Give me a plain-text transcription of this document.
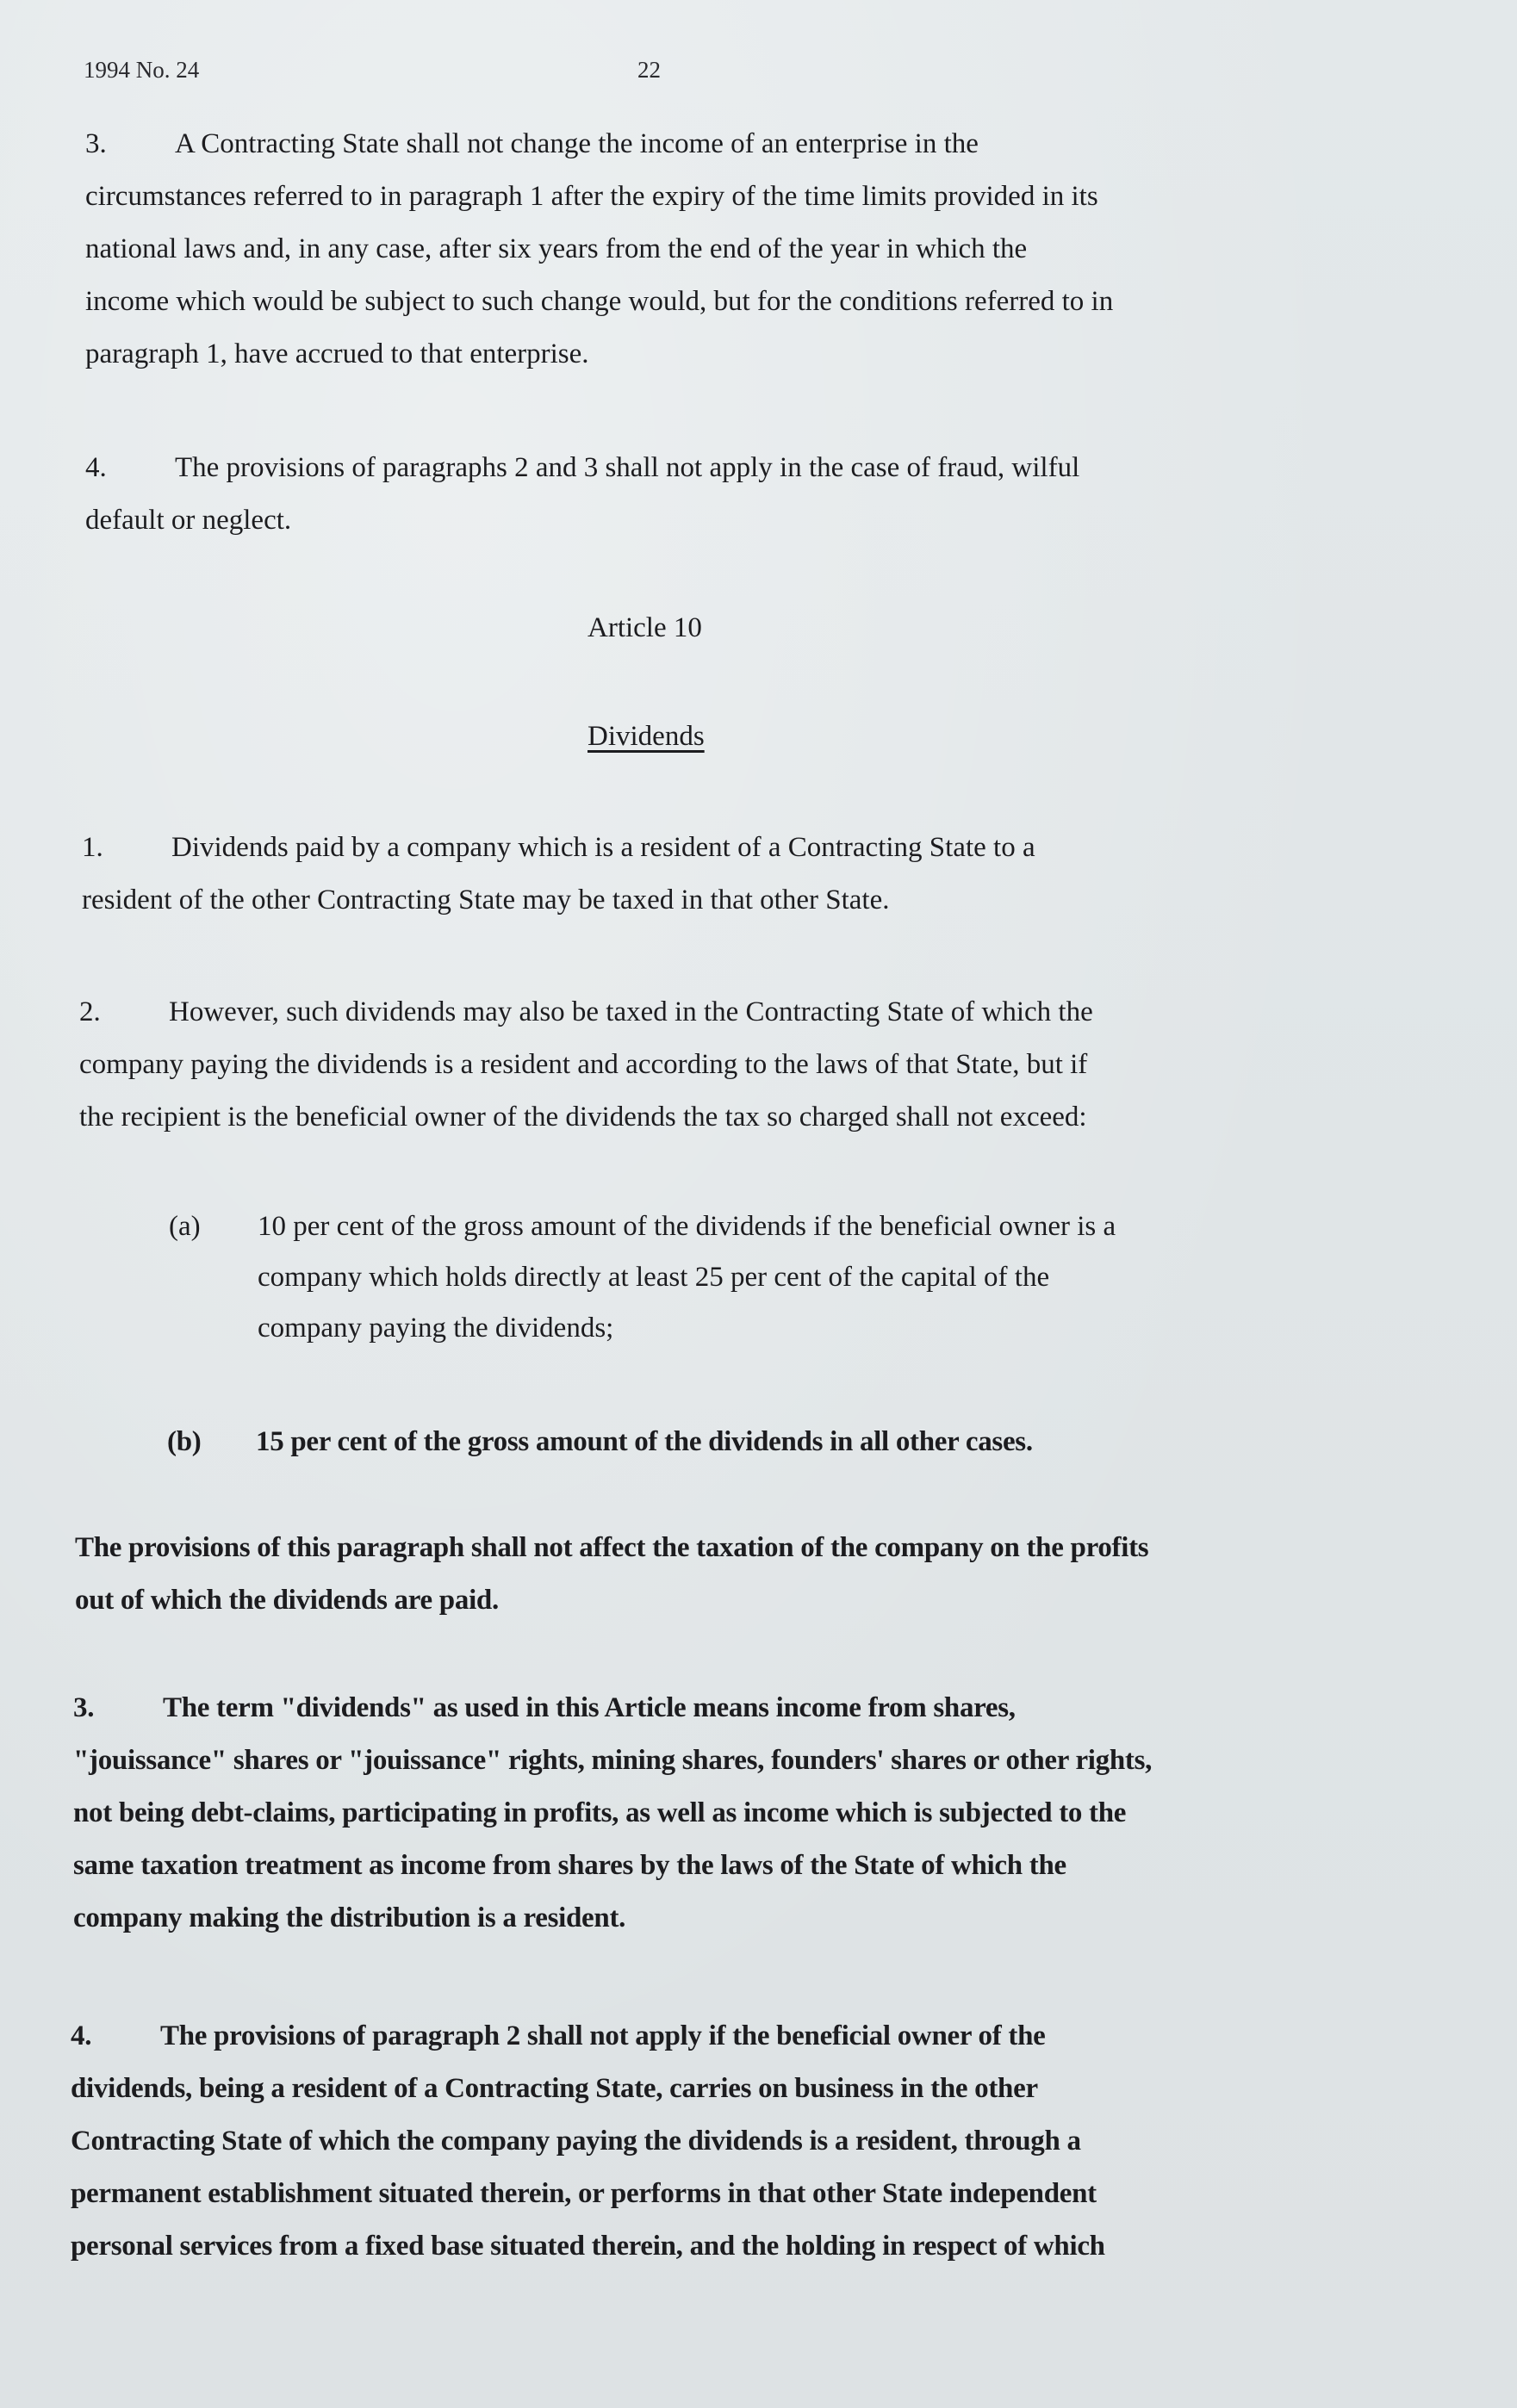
1994 No. 24	22
3. A Contracting State shall not change the income of an enterprise in the
circumstances referred to in paragraph 1 after the expiry of the time limits provided in its
national laws and, in any case, after six years from the end of the year in which the
income which would be subject to such change would, but for the conditions referred to in
paragraph 1, have accrued to that enterprise.
4. The provisions of paragraphs 2 and 3 shall not apply in the case of fraud, wilful
default or neglect.
Article 10
Dividends
1. Dividends paid by a company which is a resident of a Contracting State to a
resident of the other Contracting State may be taxed in that other State.
2. However, such dividends may also be taxed in the Contracting State of which the
company paying the dividends is a resident and according to the laws of that State, but if
the recipient is the beneficial owner of the dividends the tax so charged shall not exceed:
(a) 10 per cent of the gross amount of the dividends if the beneficial owner is a
company which holds directly at least 25 per cent of the capital of the
company paying the dividends;
(b) 15 per cent of the gross amount of the dividends in all other cases.
The provisions of this paragraph shall not affect the taxation of the company on the profits
out of which the dividends are paid.
3. The term "dividends" as used in this Article means income from shares,
"jouissance" shares or "jouissance" rights, mining shares, founders' shares or other rights,
not being debt-claims, participating in profits, as well as income which is subjected to the
same taxation treatment as income from shares by the laws of the State of which the
company making the distribution is a resident.
4. The provisions of paragraph 2 shall not apply if the beneficial owner of the
dividends, being a resident of a Contracting State, carries on business in the other
Contracting State of which the company paying the dividends is a resident, through a
permanent establishment situated therein, or performs in that other State independent
personal services from a fixed base situated therein, and the holding in respect of which
